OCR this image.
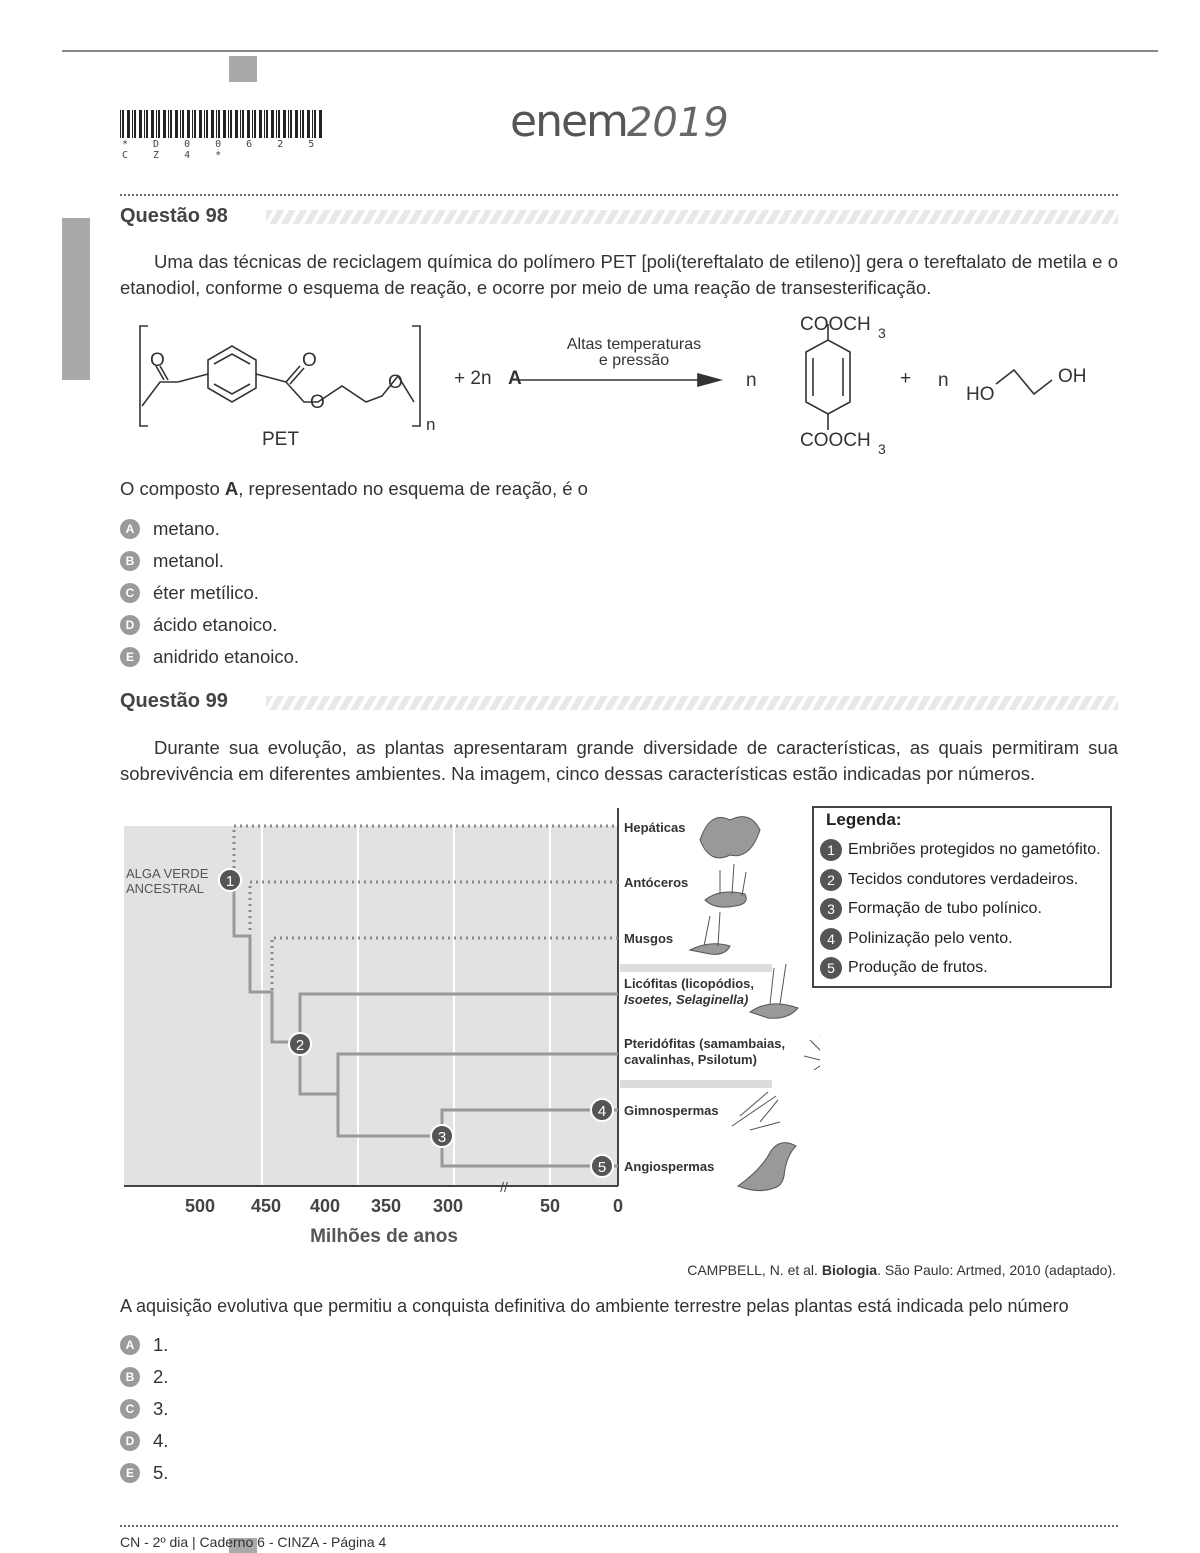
* D 0 0 6 2 5 C Z 4 *
enem2019
Questão 98
Uma das técnicas de reciclagem química do polímero PET [poli(tereftalato de etileno)] gera o tereftalato de metila e o etanodiol, conforme o esquema de reação, e ocorre por meio de uma reação de transesterificação.
O	O
O
O
PET
n
+ 2n A
Altas temperaturas
e pressão
n
COOCH 3
COOCH 3
+ n
HO
OH
O composto A, representado no esquema de reação, é o
A	metano.
B	metanol.
C	éter metílico.
D	ácido etanoico.
E	anidrido etanoico.
Questão 99
Durante sua evolução, as plantas apresentaram grande diversidade de características, as quais permitiram sua sobrevivência em diferentes ambientes. Na imagem, cinco dessas características estão indicadas por números.
1
2
3
4
5
ALGA VERDE
ANCESTRAL
Hepáticas
Antóceros
Musgos
Licófitas (licopódios,
Isoetes, Selaginella)
Pteridófitas (samambaias,
cavalinhas, Psilotum)
Gimnospermas
Angiospermas
500 450 400 350 300	50	0
//
Milhões de anos
Legenda:
1 Embriões protegidos no gametófito.
2 Tecidos condutores verdadeiros.
3 Formação de tubo polínico.
4 Polinização pelo vento.
5 Produção de frutos.
CAMPBELL, N. et al. Biologia. São Paulo: Artmed, 2010 (adaptado).
A aquisição evolutiva que permitiu a conquista definitiva do ambiente terrestre pelas plantas está indicada pelo número
A	1.
B	2.
C	3.
D	4.
E	5.
CN - 2º dia | Caderno 6 - CINZA - Página 4
